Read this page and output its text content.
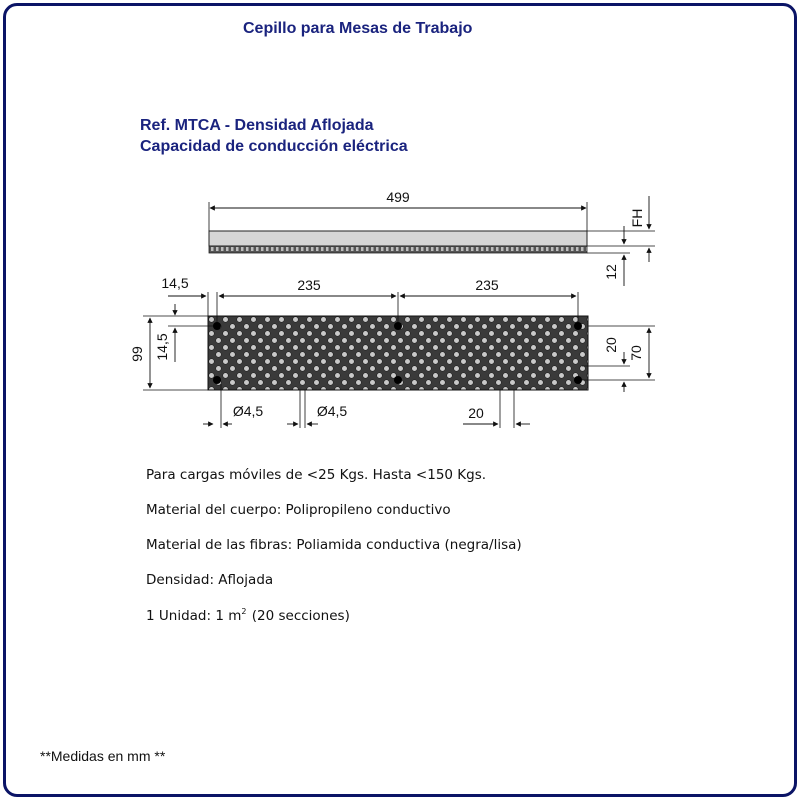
Cepillo para Mesas de Trabajo
Ref. MTCA - Densidad Aflojada
Capacidad de conducción eléctrica
499
FH
12
14,5	235	235
99 14,5	20
70
Ø4,5	Ø4,5	20
Para cargas móviles de <25 Kgs. Hasta <150 Kgs.
Material del cuerpo: Polipropileno conductivo
Material de las fibras: Poliamida conductiva (negra/lisa)
Densidad: Aflojada
1 Unidad: 1 $m^2$ (20 secciones)
**Medidas en mm **
